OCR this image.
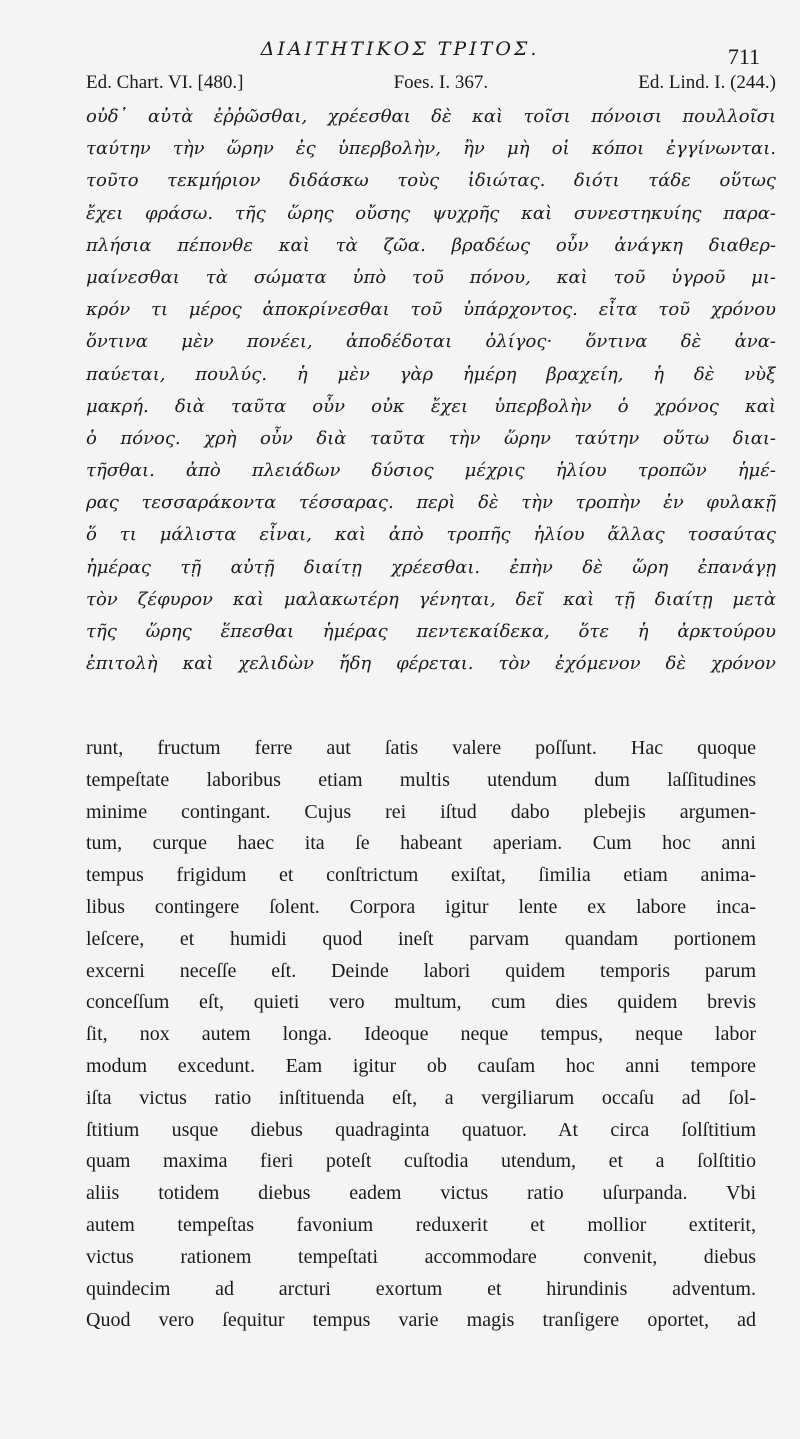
ΔΙΑΙΤΗΤΙΚΟΣ ΤΡΙΤΟΣ.	711
Ed. Chart. VI. [480.]	Foes. I. 367.	Ed. Lind. I. (244.)
οὐδ᾽ αὐτὰ ἐῤῥῶσθαι, χρέεσθαι δὲ καὶ τοῖσι πόνοισι πουλλοῖσι
ταύτην τὴν ὥρην ἐς ὑπερβολὴν, ἢν μὴ οἱ κόποι ἐγγίνωνται.
τοῦτο τεκμήριον διδάσκω τοὺς ἰδιώτας. διότι τάδε οὕτως
ἔχει φράσω. τῆς ὥρης οὔσης ψυχρῆς καὶ συνεστηκυίης παρα-
πλήσια πέπονθε καὶ τὰ ζῶα. βραδέως οὖν ἀνάγκη διαθερ-
μαίνεσθαι τὰ σώματα ὑπὸ τοῦ πόνου, καὶ τοῦ ὑγροῦ μι-
κρόν τι μέρος ἀποκρίνεσθαι τοῦ ὑπάρχοντος. εἶτα τοῦ χρόνου
ὅντινα μὲν πονέει, ἀποδέδοται ὀλίγος· ὅντινα δὲ ἀνα-
παύεται, πουλύς. ἡ μὲν γὰρ ἡμέρη βραχείη, ἡ δὲ νὺξ
μακρή. διὰ ταῦτα οὖν οὐκ ἔχει ὑπερβολὴν ὁ χρόνος καὶ
ὁ πόνος. χρὴ οὖν διὰ ταῦτα τὴν ὥρην ταύτην οὕτω διαι-
τῆσθαι. ἀπὸ πλειάδων δύσιος μέχρις ἡλίου τροπῶν ἡμέ-
ρας τεσσαράκοντα τέσσαρας. περὶ δὲ τὴν τροπὴν ἐν φυλακῇ
ὅ τι μάλιστα εἶναι, καὶ ἀπὸ τροπῆς ἡλίου ἄλλας τοσαύτας
ἡμέρας τῇ αὐτῇ διαίτῃ χρέεσθαι. ἐπὴν δὲ ὥρη ἐπανάγῃ
τὸν ζέφυρον καὶ μαλακωτέρη γένηται, δεῖ καὶ τῇ διαίτῃ μετὰ
τῆς ὥρης ἕπεσθαι ἡμέρας πεντεκαίδεκα, ὅτε ἡ ἀρκτούρου
ἐπιτολὴ καὶ χελιδὼν ἤδη φέρεται. τὸν ἐχόμενον δὲ χρόνον
runt, fructum ferre aut ſatis valere poſſunt. Hac quoque
tempeſtate laboribus etiam multis utendum dum laſſitudines
minime contingant. Cujus rei iſtud dabo plebejis argumen-
tum, curque haec ita ſe habeant aperiam. Cum hoc anni
tempus frigidum et conſtrictum exiſtat, ſimilia etiam anima-
libus contingere ſolent. Corpora igitur lente ex labore inca-
leſcere, et humidi quod ineſt parvam quandam portionem
excerni neceſſe eſt. Deinde labori quidem temporis parum
conceſſum eſt, quieti vero multum, cum dies quidem brevis
ſit, nox autem longa. Ideoque neque tempus, neque labor
modum excedunt. Eam igitur ob cauſam hoc anni tempore
iſta victus ratio inſtituenda eſt, a vergiliarum occaſu ad ſol-
ſtitium usque diebus quadraginta quatuor. At circa ſolſtitium
quam maxima fieri poteſt cuſtodia utendum, et a ſolſtitio
aliis totidem diebus eadem victus ratio uſurpanda. Vbi
autem tempeſtas favonium reduxerit et mollior extiterit,
victus rationem tempeſtati accommodare convenit, diebus
quindecim ad arcturi exortum et hirundinis adventum.
Quod vero ſequitur tempus varie magis tranſigere oportet, ad
